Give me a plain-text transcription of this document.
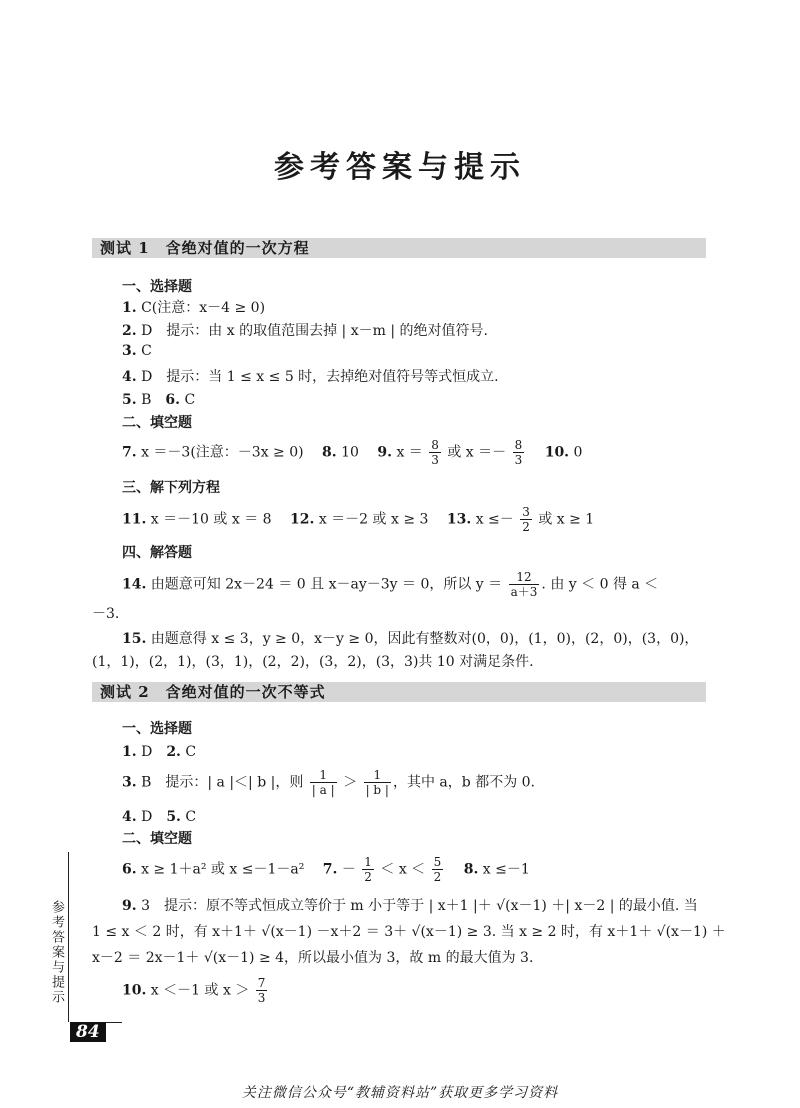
参考答案与提示
测试 1　含绝对值的一次方程
一、选择题
1. C(注意：x－4 ≥ 0)
2. D　提示：由 x 的取值范围去掉 | x－m | 的绝对值符号.
3. C
4. D　提示：当 1 ≤ x ≤ 5 时，去掉绝对值符号等式恒成立.
5. B　6. C
二、填空题
7. x ＝－3(注意：－3x ≥ 0)　 8. 10　 9. $x = \frac{8}{3}$ 或 $x =- \frac{8}{3}$
　 10. 0
三、解下列方程
11. x ＝－10 或 x ＝ 8　 12. x ＝－2 或 x ≥ 3　 13. $x \le- \frac{3}{2}$ 或 x ≥ 1
四、解答题
14. 由题意可知 2x－24 ＝ 0 且 x－ay－3y ＝ 0，所以 $y = \frac{12}{a+3}$ . 由 y ＜ 0 得 a ＜
－3.
15. 由题意得 x ≤ 3，y ≥ 0，x－y ≥ 0，因此有整数对(0，0)，(1，0)，(2，0)，(3，0)，
(1，1)，(2，1)，(3，1)，(2，2)，(3，2)，(3，3)共 10 对满足条件.
测试 2　含绝对值的一次不等式
一、选择题
1. D　2. C
3. B　提示：| a |＜| b |，则 $\frac{1}{| a |} > \frac{1}{| b |}$ ，其中 a，b 都不为 0.
4. D　5. C
二、填空题
6. x ≥ 1＋a² 或 x ≤－1－a²　 7. － $\frac{1}{2} < x < \frac{5}{2}$
　 8. x ≤－1
9. 3　提示：原不等式恒成立等价于 m 小于等于 | x＋1 |＋ √(x－1) ＋| x－2 | 的最小值. 当
1 ≤ x ＜ 2 时，有 x＋1＋ √(x－1) －x＋2 ＝ 3＋ √(x－1) ≥ 3. 当 x ≥ 2 时，有 x＋1＋ √(x－1) ＋
x－2 ＝ 2x－1＋ √(x－1) ≥ 4，所以最小值为 3，故 m 的最大值为 3.
10. x ＜－1 或 $x > \frac{7}{3}$
参考答案与提示
84
关注微信公众号“教辅资料站”获取更多学习资料
